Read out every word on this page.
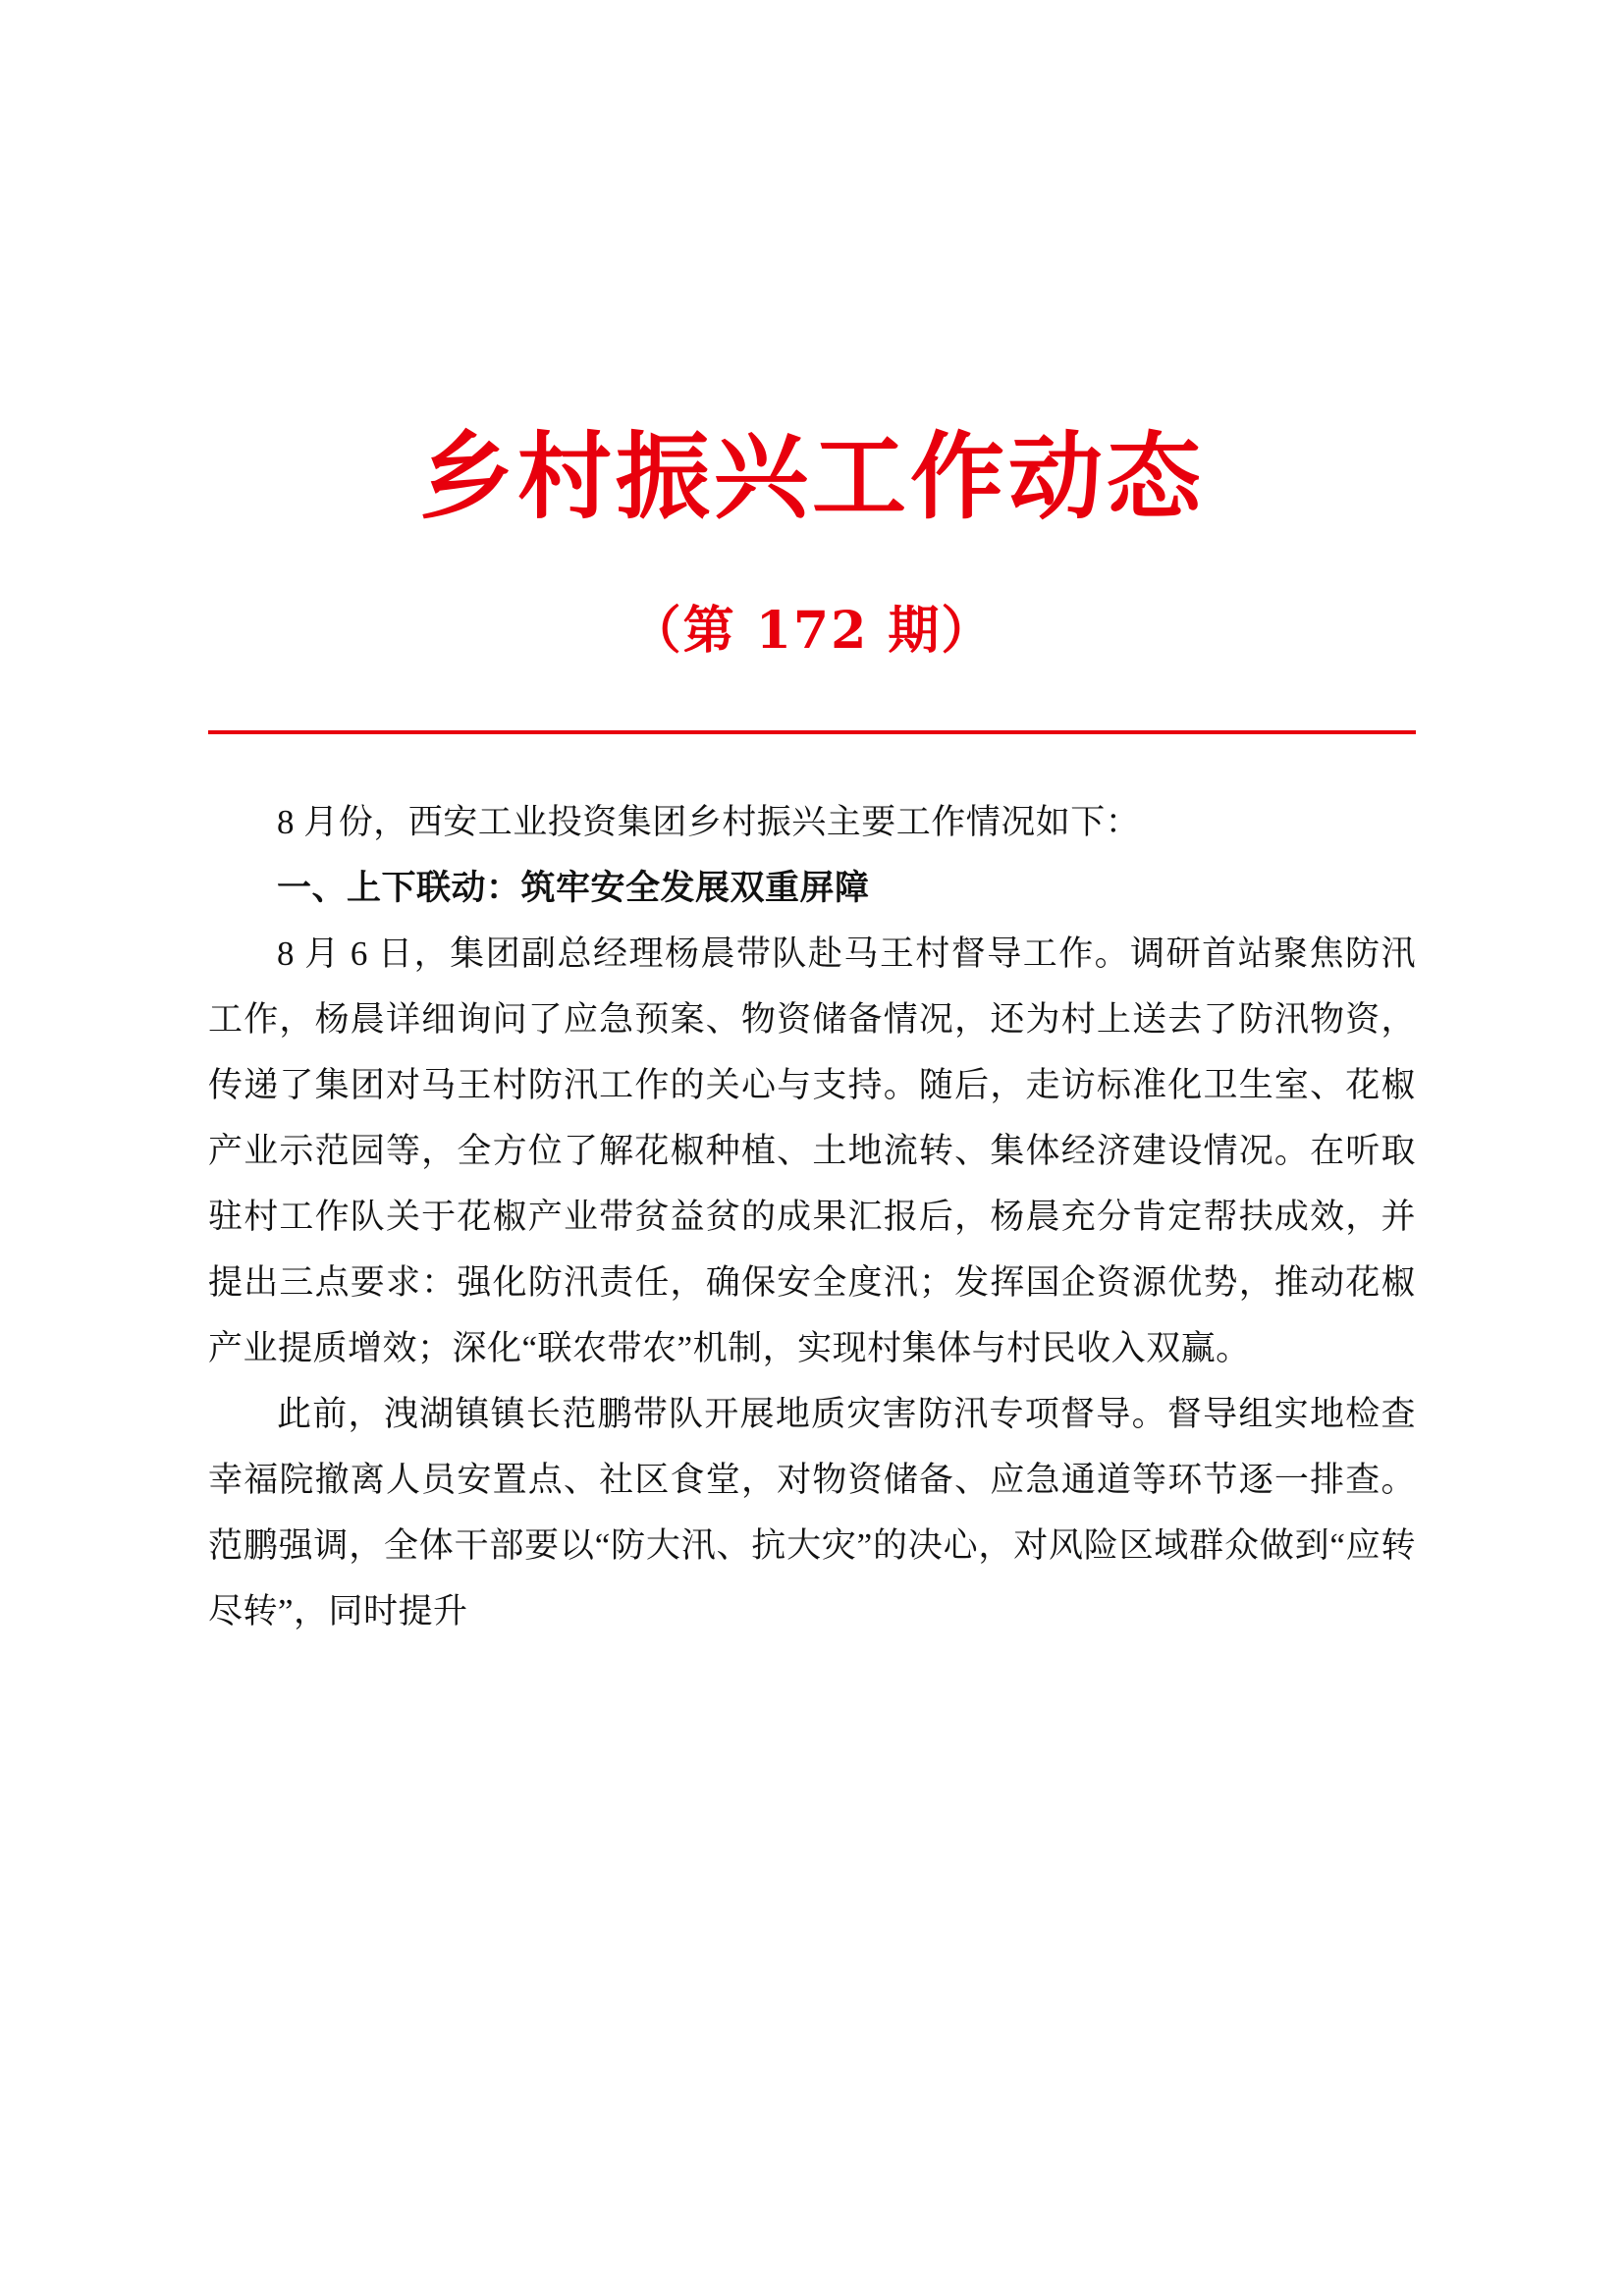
乡村振兴工作动态
（第 172 期）

8 月份，西安工业投资集团乡村振兴主要工作情况如下：

一、上下联动：筑牢安全发展双重屏障

8 月 6 日，集团副总经理杨晨带队赴马王村督导工作。调研首站聚焦防汛工作，杨晨详细询问了应急预案、物资储备情况，还为村上送去了防汛物资，传递了集团对马王村防汛工作的关心与支持。随后，走访标准化卫生室、花椒产业示范园等，全方位了解花椒种植、土地流转、集体经济建设情况。在听取驻村工作队关于花椒产业带贫益贫的成果汇报后，杨晨充分肯定帮扶成效，并提出三点要求：强化防汛责任，确保安全度汛；发挥国企资源优势，推动花椒产业提质增效；深化“联农带农”机制，实现村集体与村民收入双赢。

此前，洩湖镇镇长范鹏带队开展地质灾害防汛专项督导。督导组实地检查幸福院撤离人员安置点、社区食堂，对物资储备、应急通道等环节逐一排查。范鹏强调，全体干部要以“防大汛、抗大灾”的决心，对风险区域群众做到“应转尽转”，同时提升
